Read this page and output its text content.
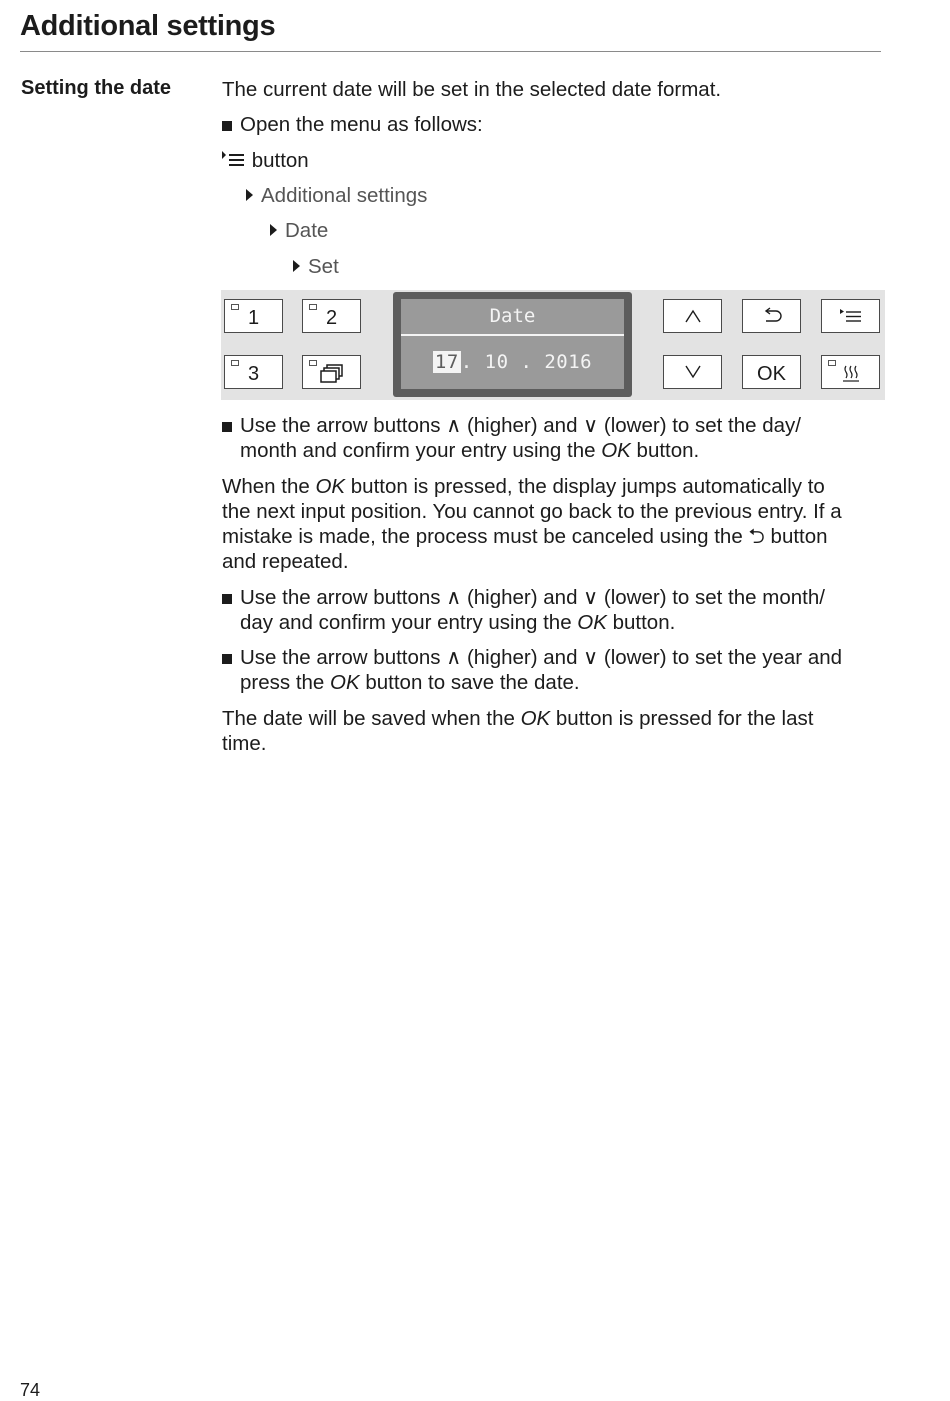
Additional settings
Setting the date The current date will be set in the selected date format.
Open the menu as follows:
button
Additional settings
Date
Set
1	2
3
Date
17 . 10 . 2016
OK
Use the arrow buttons ∧ (higher) and ∨ (lower) to set the day/
month and confirm your entry using the OK button.
When the OK button is pressed, the display jumps automatically to
the next input position. You cannot go back to the previous entry. If a
mistake is made, the process must be canceled using the ⮌ button
and repeated.
Use the arrow buttons ∧ (higher) and ∨ (lower) to set the month/
day and confirm your entry using the OK button.
Use the arrow buttons ∧ (higher) and ∨ (lower) to set the year and
press the OK button to save the date.
The date will be saved when the OK button is pressed for the last
time.
74
